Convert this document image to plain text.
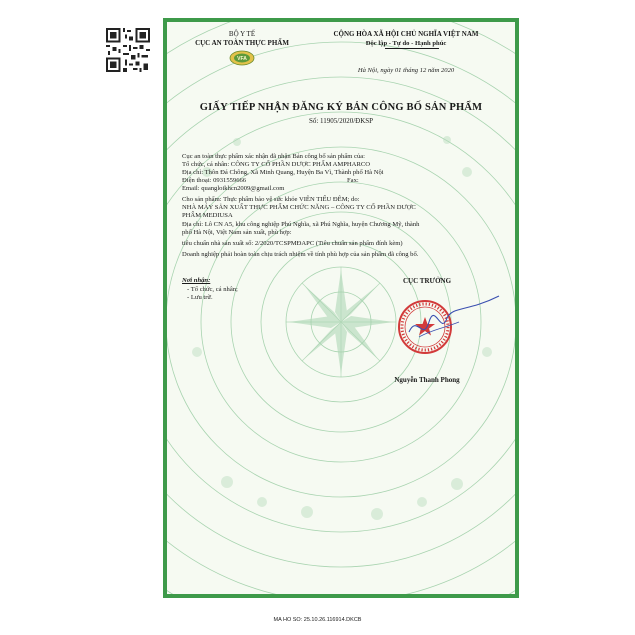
BỘ Y TẾ
CỤC AN TOÀN THỰC PHẨM
VFA
CỘNG HÒA XÃ HỘI CHỦ NGHĨA VIỆT NAM
Độc lập - Tự do - Hạnh phúc
Hà Nội, ngày 01 tháng 12 năm 2020
GIẤY TIẾP NHẬN ĐĂNG KÝ BẢN CÔNG BỐ SẢN PHẨM
Số: 11905/2020/ĐKSP
Cục an toàn thực phẩm xác nhận đã nhận Bản công bố sản phẩm của:
Tổ chức, cá nhân: CÔNG TY CỔ PHẦN DƯỢC PHẨM AMPHARCO
Địa chỉ: Thôn Đá Chông, Xã Minh Quang, Huyện Ba Vì, Thành phố Hà Nội
Điện thoại: 0931559666	Fax:
Email: quangloikhcn2009@gmail.com
Cho sản phẩm: Thực phẩm bảo vệ sức khỏe VIÊN TIỂU ĐÊM; do:
NHÀ MÁY SẢN XUẤT THỰC PHẨM CHỨC NĂNG – CÔNG TY CỔ PHẦN DƯỢC
PHẨM MEDIUSA
Địa chỉ: Lô CN A5, khu công nghiệp Phú Nghĩa, xã Phú Nghĩa, huyện Chương Mỹ, thành
phố Hà Nội, Việt Nam sản xuất, phù hợp:
tiêu chuẩn nhà sản xuất số: 2/2020/TCSPMĐAPC (Tiêu chuẩn sản phẩm đính kèm)
Doanh nghiệp phải hoàn toàn chịu trách nhiệm về tính phù hợp của sản phẩm đã công bố.
Nơi nhận:
- Tổ chức, cá nhân;
- Lưu trữ.
CỤC TRƯỞNG
Nguyễn Thanh Phong
MA HO SO: 25.10.26.116914.DKCB
